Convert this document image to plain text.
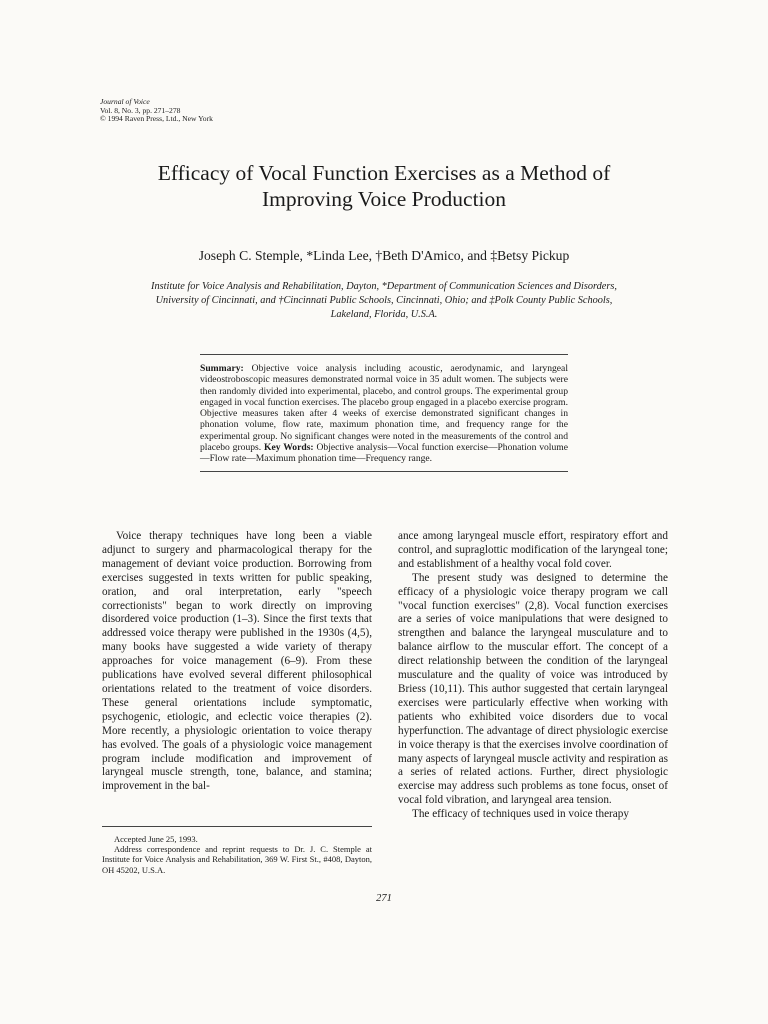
Journal of Voice
Vol. 8, No. 3, pp. 271–278
© 1994 Raven Press, Ltd., New York
Efficacy of Vocal Function Exercises as a Method of
Improving Voice Production
Joseph C. Stemple, *Linda Lee, †Beth D'Amico, and ‡Betsy Pickup
Institute for Voice Analysis and Rehabilitation, Dayton, *Department of Communication Sciences and Disorders,
University of Cincinnati, and †Cincinnati Public Schools, Cincinnati, Ohio; and ‡Polk County Public Schools,
Lakeland, Florida, U.S.A.
Summary: Objective voice analysis including acoustic, aerodynamic, and laryngeal videostroboscopic measures demonstrated normal voice in 35 adult women. The subjects were then randomly divided into experimental, placebo, and control groups. The experimental group engaged in vocal function exercises. The placebo group engaged in a placebo exercise program. Objective measures taken after 4 weeks of exercise demonstrated significant changes in phonation volume, flow rate, maximum phonation time, and frequency range for the experimental group. No significant changes were noted in the measurements of the control and placebo groups. Key Words: Objective analysis—Vocal function exercise—Phonation volume—Flow rate—Maximum phonation time—Frequency range.

Voice therapy techniques have long been a viable adjunct to surgery and pharmacological therapy for the management of deviant voice production. Borrowing from exercises suggested in texts written for public speaking, oration, and oral interpretation, early "speech correctionists" began to work directly on improving disordered voice production (1–3). Since the first texts that addressed voice therapy were published in the 1930s (4,5), many books have suggested a wide variety of therapy approaches for voice management (6–9). From these publications have evolved several different philosophical orientations related to the treatment of voice disorders. These general orientations include symptomatic, psychogenic, etiologic, and eclectic voice therapies (2). More recently, a physiologic orientation to voice therapy has evolved. The goals of a physiologic voice management program include modification and improvement of laryngeal muscle strength, tone, balance, and stamina; improvement in the bal-

ance among laryngeal muscle effort, respiratory effort and control, and supraglottic modification of the laryngeal tone; and establishment of a healthy vocal fold cover.

The present study was designed to determine the efficacy of a physiologic voice therapy program we call "vocal function exercises" (2,8). Vocal function exercises are a series of voice manipulations that were designed to strengthen and balance the laryngeal musculature and to balance airflow to the muscular effort. The concept of a direct relationship between the condition of the laryngeal musculature and the quality of voice was introduced by Briess (10,11). This author suggested that certain laryngeal exercises were particularly effective when working with patients who exhibited voice disorders due to vocal hyperfunction. The advantage of direct physiologic exercise in voice therapy is that the exercises involve coordination of many aspects of laryngeal muscle activity and respiration as a series of related actions. Further, direct physiologic exercise may address such problems as tone focus, onset of vocal fold vibration, and laryngeal area tension.

The efficacy of techniques used in voice therapy

Accepted June 25, 1993.

Address correspondence and reprint requests to Dr. J. C. Stemple at Institute for Voice Analysis and Rehabilitation, 369 W. First St., #408, Dayton, OH 45202, U.S.A.

271
